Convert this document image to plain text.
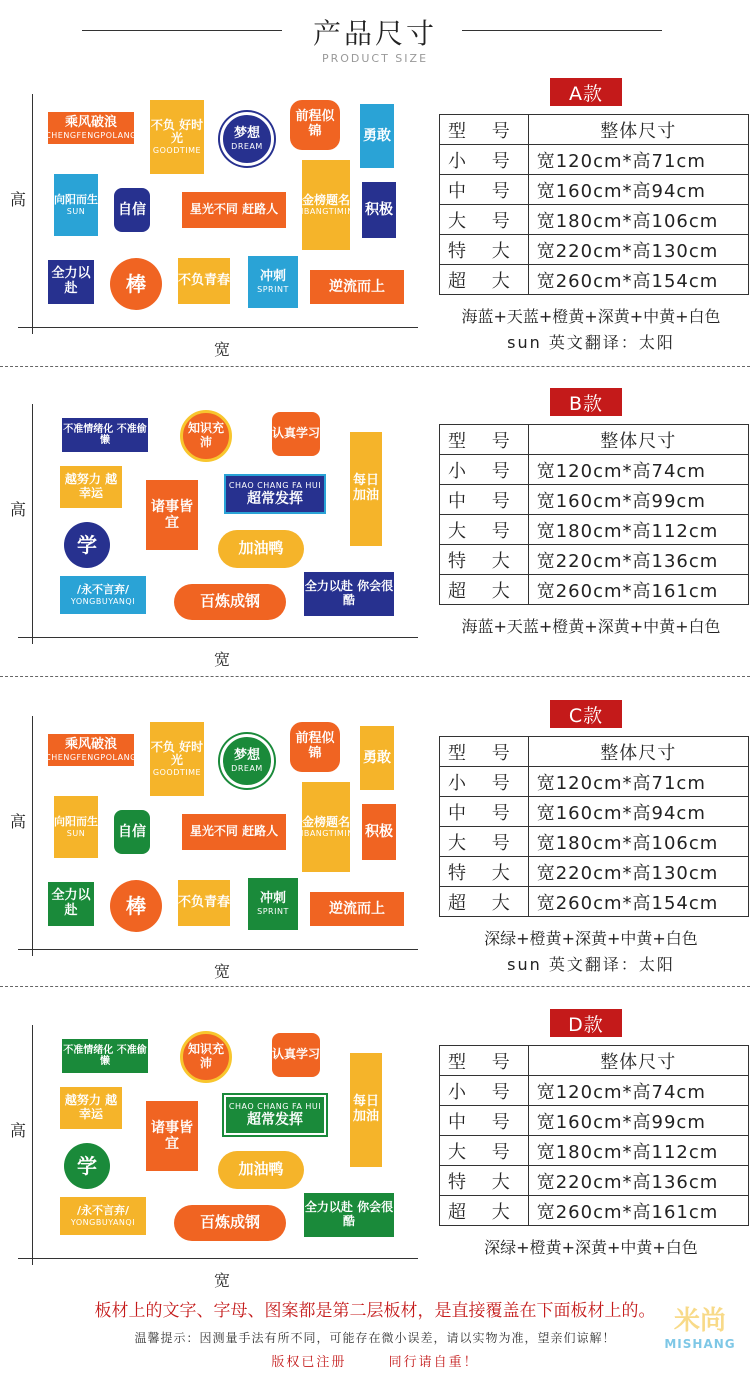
产品尺寸
PRODUCT SIZE
高
宽
乘风破浪
CHENGFENGPOLANG
不负 好时光
GOODTIME
梦想
DREAM
前程似锦	勇敢
向阳而生
SUN	自信	星光不同 赶路人
金榜题名
JINBANGTIMING 积极
全力以赴	棒 不负青春 冲刺
SPRINT	逆流而上
A款
型 号	整体尺寸
小 号	宽120cm*高71cm
中 号	宽160cm*高94cm
大 号	宽180cm*高106cm
特 大	宽220cm*高130cm
超 大	宽260cm*高154cm
海蓝+天蓝+橙黄+深黄+中黄+白色
sun 英文翻译：太阳
高
宽
不准情绪化 不准偷懒
知识充沛
认真学习
每日加油
越努力 越幸运
诸事皆宜
CHAO CHANG FA HUI
超常发挥
学	加油鸭
/永不言弃/
YONGBUYANQI	百炼成钢
全力以赴 你会很酷
B款
型 号	整体尺寸
小 号	宽120cm*高74cm
中 号	宽160cm*高99cm
大 号	宽180cm*高112cm
特 大	宽220cm*高136cm
超 大	宽260cm*高161cm
海蓝+天蓝+橙黄+深黄+中黄+白色
高
宽
乘风破浪
CHENGFENGPOLANG
不负 好时光
GOODTIME
梦想
DREAM
前程似锦	勇敢
向阳而生
SUN	自信	星光不同 赶路人
金榜题名
JINBANGTIMING 积极
全力以赴	棒 不负青春 冲刺
SPRINT	逆流而上
C款
型 号	整体尺寸
小 号	宽120cm*高71cm
中 号	宽160cm*高94cm
大 号	宽180cm*高106cm
特 大	宽220cm*高130cm
超 大	宽260cm*高154cm
深绿+橙黄+深黄+中黄+白色
sun 英文翻译：太阳
高
宽
不准情绪化 不准偷懒
知识充沛
认真学习
每日加油
越努力 越幸运
诸事皆宜
CHAO CHANG FA HUI
超常发挥
学	加油鸭
/永不言弃/
YONGBUYANQI	百炼成钢
全力以赴 你会很酷
D款
型 号	整体尺寸
小 号	宽120cm*高74cm
中 号	宽160cm*高99cm
大 号	宽180cm*高112cm
特 大	宽220cm*高136cm
超 大	宽260cm*高161cm
深绿+橙黄+深黄+中黄+白色
板材上的文字、字母、图案都是第二层板材，是直接覆盖在下面板材上的。
温馨提示：因测量手法有所不同，可能存在微小误差，请以实物为准，望亲们谅解！
版权已注册	同行请自重！
米尚
MISHANG
